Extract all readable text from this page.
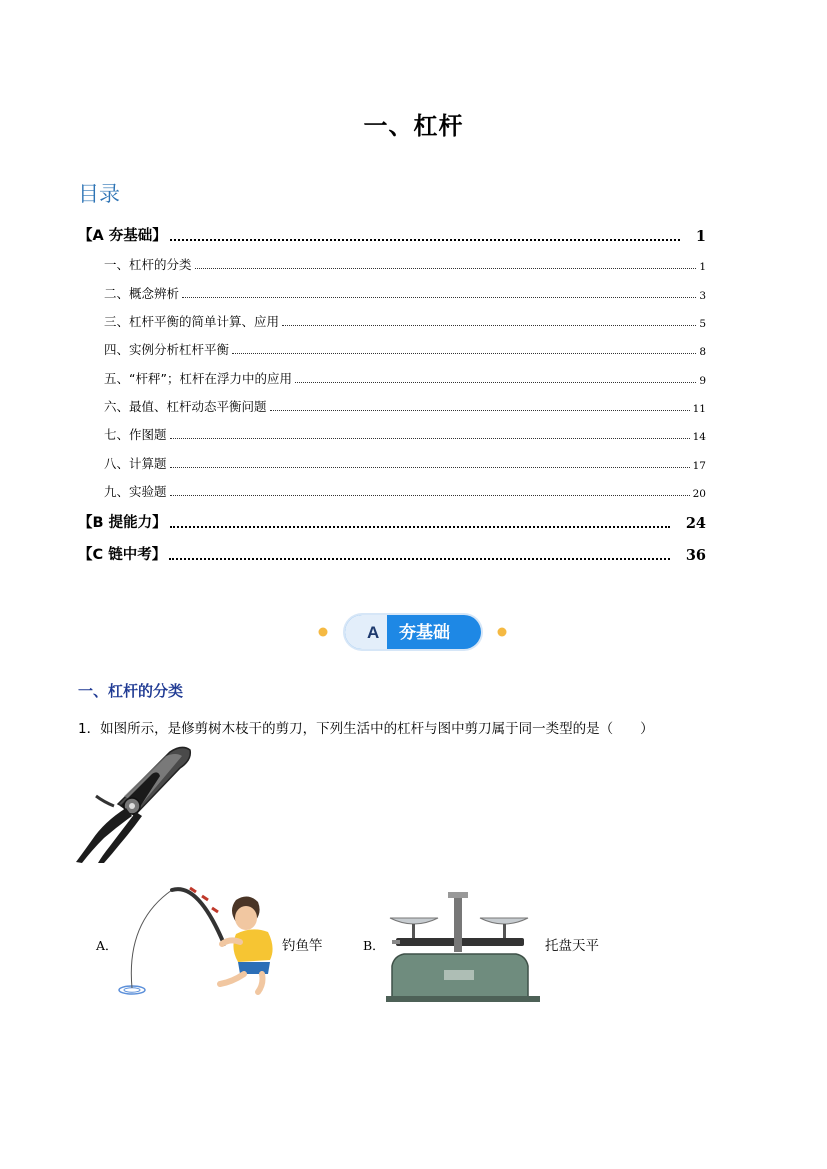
一、杠杆
目录
【A 夯基础】	1
一、杠杆的分类	1
二、概念辨析	3
三、杠杆平衡的简单计算、应用	5
四、实例分析杠杆平衡	8
五、“杆秤”；杠杆在浮力中的应用	9
六、最值、杠杆动态平衡问题	11
七、作图题	14
八、计算题	17
九、实验题	20
【B 提能力】	24
【C 链中考】	36
A 夯基础
一、杠杆的分类
1．如图所示，是修剪树木枝干的剪刀，下列生活中的杠杆与图中剪刀属于同一类型的是（　　）
A．	钓鱼竿	B．	托盘天平
